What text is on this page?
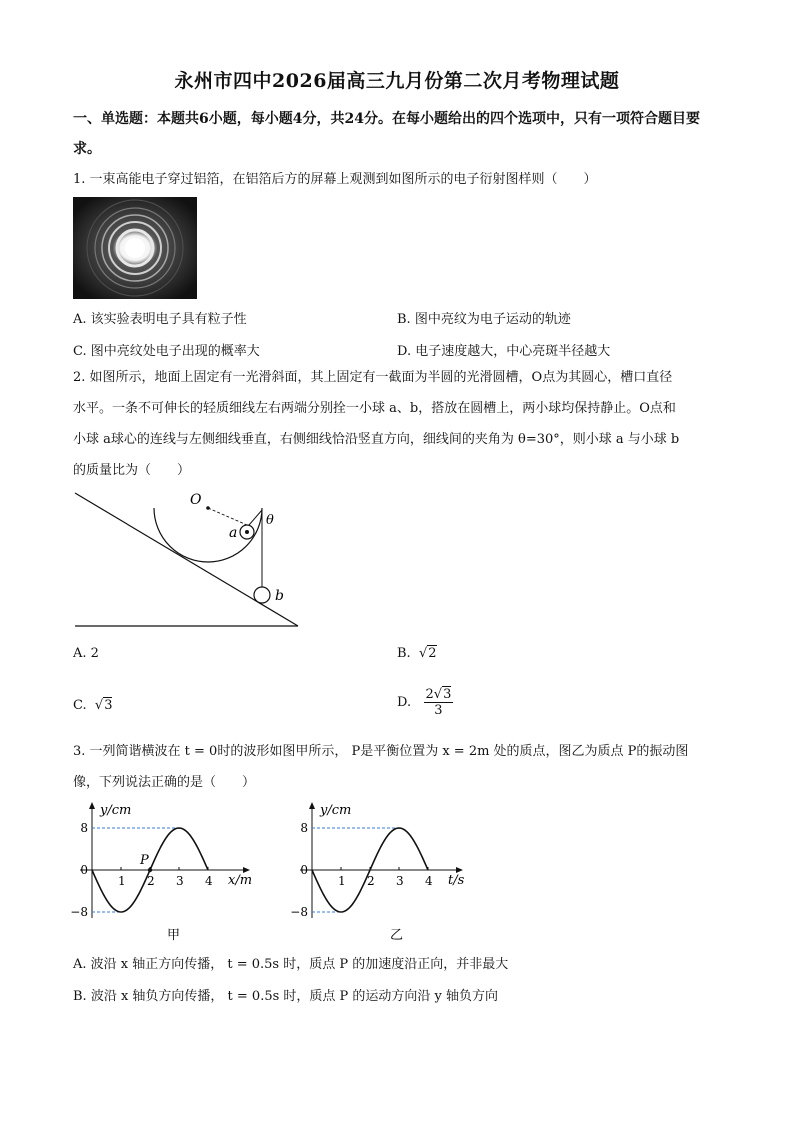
永州市四中2026届高三九月份第二次月考物理试题
一、单选题：本题共6小题，每小题4分，共24分。在每小题给出的四个选项中，只有一项符合题目要求。
1. 一束高能电子穿过铝箔，在铝箔后方的屏幕上观测到如图所示的电子衍射图样则（　　）
A. 该实验表明电子具有粒子性	B. 图中亮纹为电子运动的轨迹
C. 图中亮纹处电子出现的概率大	D. 电子速度越大，中心亮斑半径越大
2. 如图所示，地面上固定有一光滑斜面，其上固定有一截面为半圆的光滑圆槽，O点为其圆心，槽口直径
水平。一条不可伸长的轻质细线左右两端分别拴一小球 a、b，搭放在圆槽上，两小球均保持静止。O点和
小球 a球心的连线与左侧细线垂直，右侧细线恰沿竖直方向，细线间的夹角为 θ=30°，则小球 a 与小球 b
的质量比为（　　）
O
a
b
θ
A. 2	B.  √2
C.  √3	D. $\frac{2√3}{3}$
3. 一列简谐横波在 t = 0时的波形如图甲所示， P是平衡位置为 x = 2m 处的质点，图乙为质点 P的振动图
像，下列说法正确的是（　　）
y/cm
x/m
甲
P
8
0
−8
1 2 3 4
y/cm
t/s
乙
8
0
−8
1 2 3 4
A. 波沿 x 轴正方向传播， t = 0.5s 时，质点 P 的加速度沿正向，并非最大
B. 波沿 x 轴负方向传播， t = 0.5s 时，质点 P 的运动方向沿 y 轴负方向
